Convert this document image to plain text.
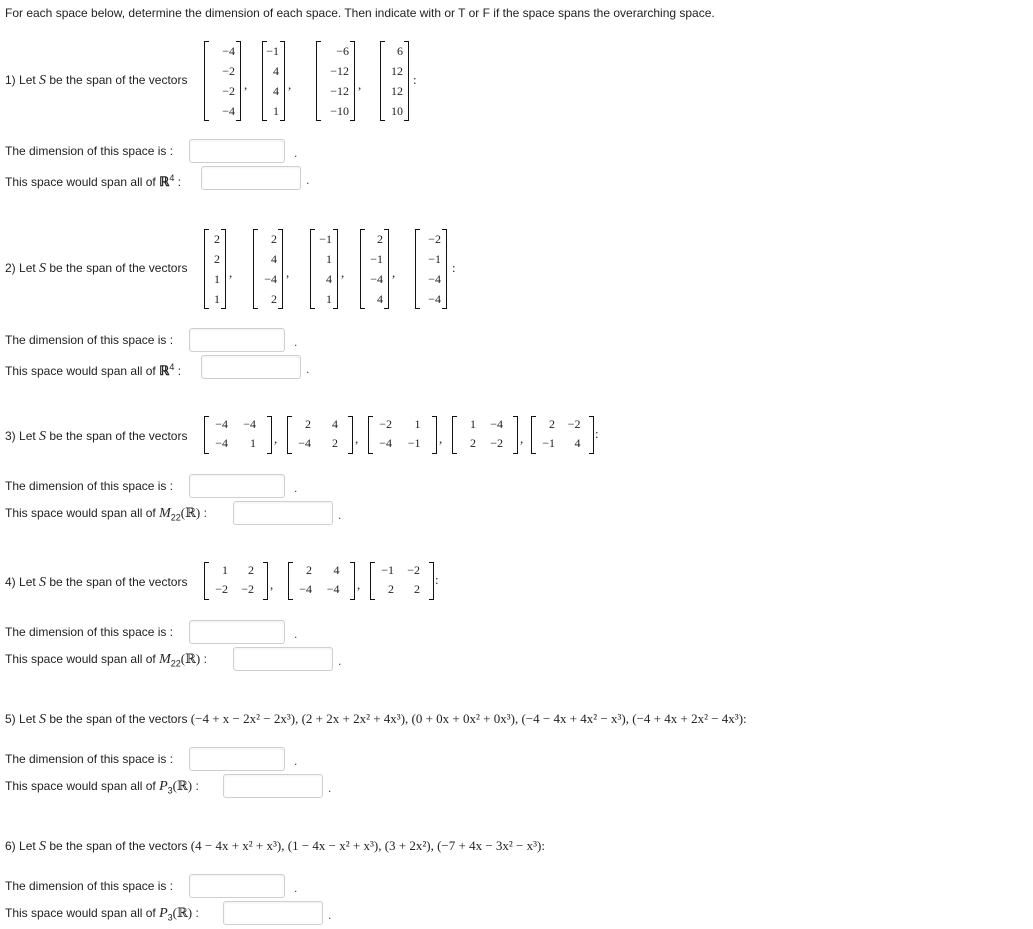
For each space below, determine the dimension of each space. Then indicate with or T or F if the space spans the overarching space.
1) Let S be the span of the vectors
−4
−2
−2
−4
,
−1
4
4
1
,
−6
−12
−12
−10
,
6
12
12
10
:
The dimension of this space is :	.
This space would span all of ℝ$^4$ :	.
2) Let S be the span of the vectors
2
2
1
1
,
2
4
−4
2
,
−1
1
4
1
,
2
−1
−4
4
,
−2
−1
−4
−4
:
The dimension of this space is :	.
This space would span all of ℝ$^4$ :	.
3) Let S be the span of the vectors
−4	−4
−4	1 ,
2	4
−4	2 ,
−2	1
−4	−1 ,
1	−4
2	−2 ,
2	−2
−1	4
:
The dimension of this space is :	.
This space would span all of $M_{22}(ℝ)$ :	.
4) Let S be the span of the vectors
1	2
−2	−2 ,
2	4
−4	−4 ,
−1	−2
2	2
:
The dimension of this space is :	.
This space would span all of $M_{22}(ℝ)$ :	.
5) Let S be the span of the vectors (−4 + x − 2x² − 2x³), (2 + 2x + 2x² + 4x³), (0 + 0x + 0x² + 0x³), (−4 − 4x + 4x² − x³), (−4 + 4x + 2x² − 4x³):
The dimension of this space is :	.
This space would span all of $P_3(ℝ)$ :	.
6) Let S be the span of the vectors (4 − 4x + x² + x³), (1 − 4x − x² + x³), (3 + 2x²), (−7 + 4x − 3x² − x³):
The dimension of this space is :	.
This space would span all of $P_3(ℝ)$ :	.
